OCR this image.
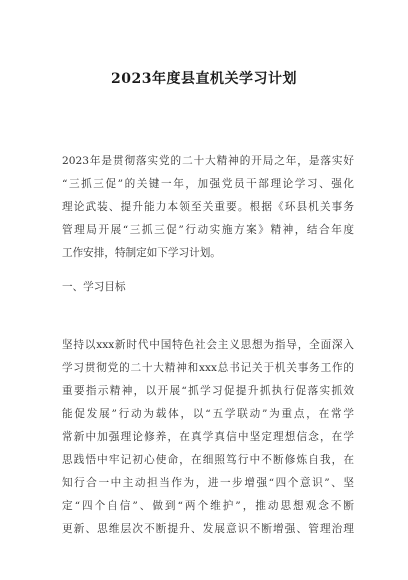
2023年度县直机关学习计划
2023年是贯彻落实党的二十大精神的开局之年，是落实好
“三抓三促”的关键一年，加强党员干部理论学习、强化
理论武装、提升能力本领至关重要。根据《环县机关事务
管理局开展“三抓三促”行动实施方案》精神，结合年度
工作安排，特制定如下学习计划。
一、学习目标
坚持以xxx新时代中国特色社会主义思想为指导，全面深入
学习贯彻党的二十大精神和xxx总书记关于机关事务工作的
重要指示精神，以开展“抓学习促提升抓执行促落实抓效
能促发展”行动为载体，以“五学联动”为重点，在常学
常新中加强理论修养，在真学真信中坚定理想信念，在学
思践悟中牢记初心使命，在细照笃行中不断修炼自我，在
知行合一中主动担当作为，进一步增强“四个意识”、坚
定“四个自信”、做到“两个维护”，推动思想观念不断
更新、思维层次不断提升、发展意识不断增强、管理治理
